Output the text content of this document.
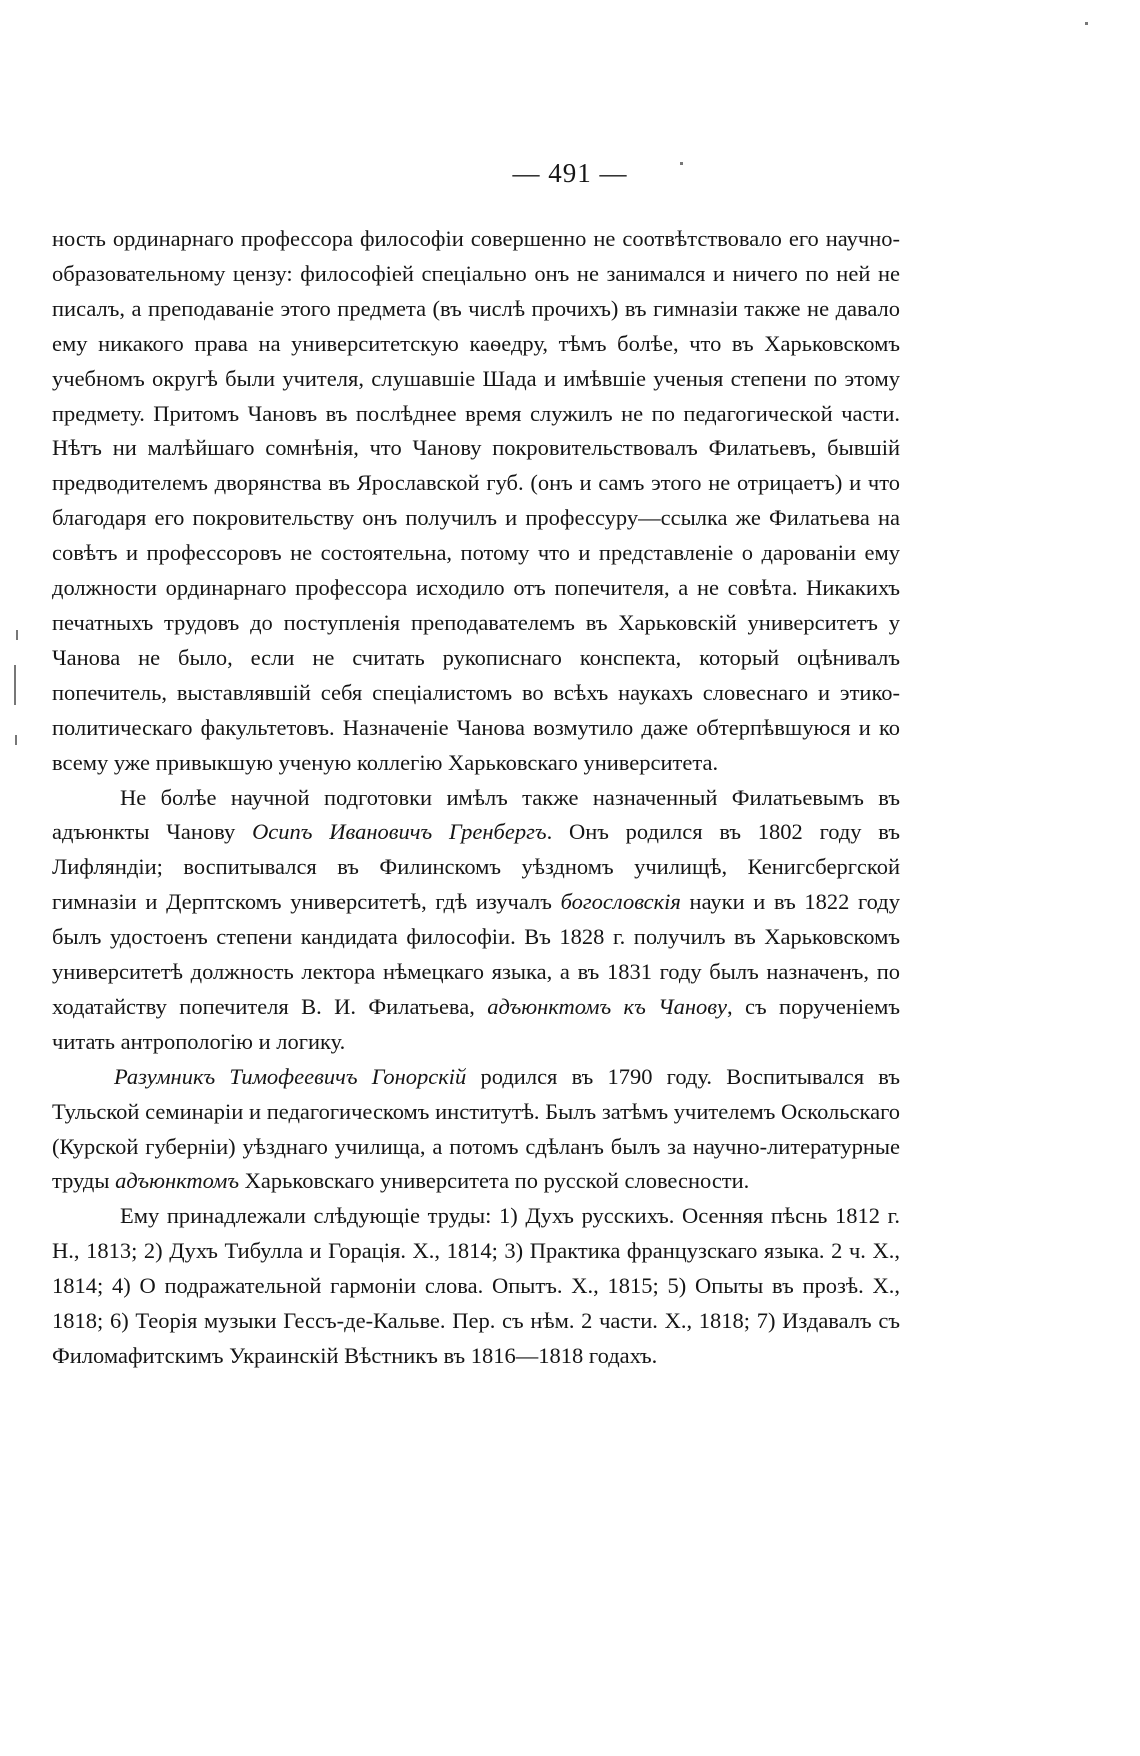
— 491 —

ность ординарнаго профессора философіи совершенно не соотвѣтствовало его научно-образовательному цензу: философіей спеціально онъ не занимался и ничего по ней не писалъ, а преподаваніе этого предмета (въ числѣ прочихъ) въ гимназіи также не давало ему никакого права на университетскую каѳедру, тѣмъ болѣе, что въ Харьковскомъ учебномъ округѣ были учителя, слушавшіе Шада и имѣвшіе ученыя степени по этому предмету. Притомъ Чановъ въ послѣднее время служилъ не по педагогической части. Нѣтъ ни малѣйшаго сомнѣнія, что Чанову покровительствовалъ Филатьевъ, бывшій предводителемъ дворянства въ Ярославской губ. (онъ и самъ этого не отрицаетъ) и что благодаря его покровительству онъ получилъ и профессуру—ссылка же Филатьева на совѣтъ и профессоровъ не состоятельна, потому что и представленіе о дарованіи ему должности ординарнаго профессора исходило отъ попечителя, а не совѣта. Никакихъ печатныхъ трудовъ до поступленія преподавателемъ въ Харьковскій университетъ у Чанова не было, если не считать рукописнаго конспекта, который оцѣнивалъ попечитель, выставлявшій себя спеціалистомъ во всѣхъ наукахъ словеснаго и этико-политическаго факультетовъ. Назначеніе Чанова возмутило даже обтерпѣвшуюся и ко всему уже привыкшую ученую коллегію Харьковскаго университета.

Не болѣе научной подготовки имѣлъ также назначенный Филатьевымъ въ адъюнкты Чанову Осипъ Ивановичъ Гренбергъ. Онъ родился въ 1802 году въ Лифляндіи; воспитывался въ Филинскомъ уѣздномъ училищѣ, Кенигсбергской гимназіи и Дерптскомъ университетѣ, гдѣ изучалъ богословскія науки и въ 1822 году былъ удостоенъ степени кандидата философіи. Въ 1828 г. получилъ въ Харьковскомъ университетѣ должность лектора нѣмецкаго языка, а въ 1831 году былъ назначенъ, по ходатайству попечителя В. И. Филатьева, адъюнктомъ къ Чанову, съ порученіемъ читать антропологію и логику.

Разумникъ Тимофеевичъ Гонорскій родился въ 1790 году. Воспитывался въ Тульской семинаріи и педагогическомъ институтѣ. Былъ затѣмъ учителемъ Оскольскаго (Курской губерніи) уѣзднаго училища, а потомъ сдѣланъ былъ за научно-литературные труды адъюнктомъ Харьковскаго университета по русской словесности.

Ему принадлежали слѣдующіе труды: 1) Духъ русскихъ. Осенняя пѣснь 1812 г. Н., 1813; 2) Духъ Тибулла и Горація. Х., 1814; 3) Практика французскаго языка. 2 ч. Х., 1814; 4) О подражательной гармоніи слова. Опытъ. Х., 1815; 5) Опыты въ прозѣ. Х., 1818; 6) Теорія музыки Гессъ-де-Кальве. Пер. съ нѣм. 2 части. Х., 1818; 7) Издавалъ съ Филомафитскимъ Украинскій Вѣстникъ въ 1816—1818 годахъ.
